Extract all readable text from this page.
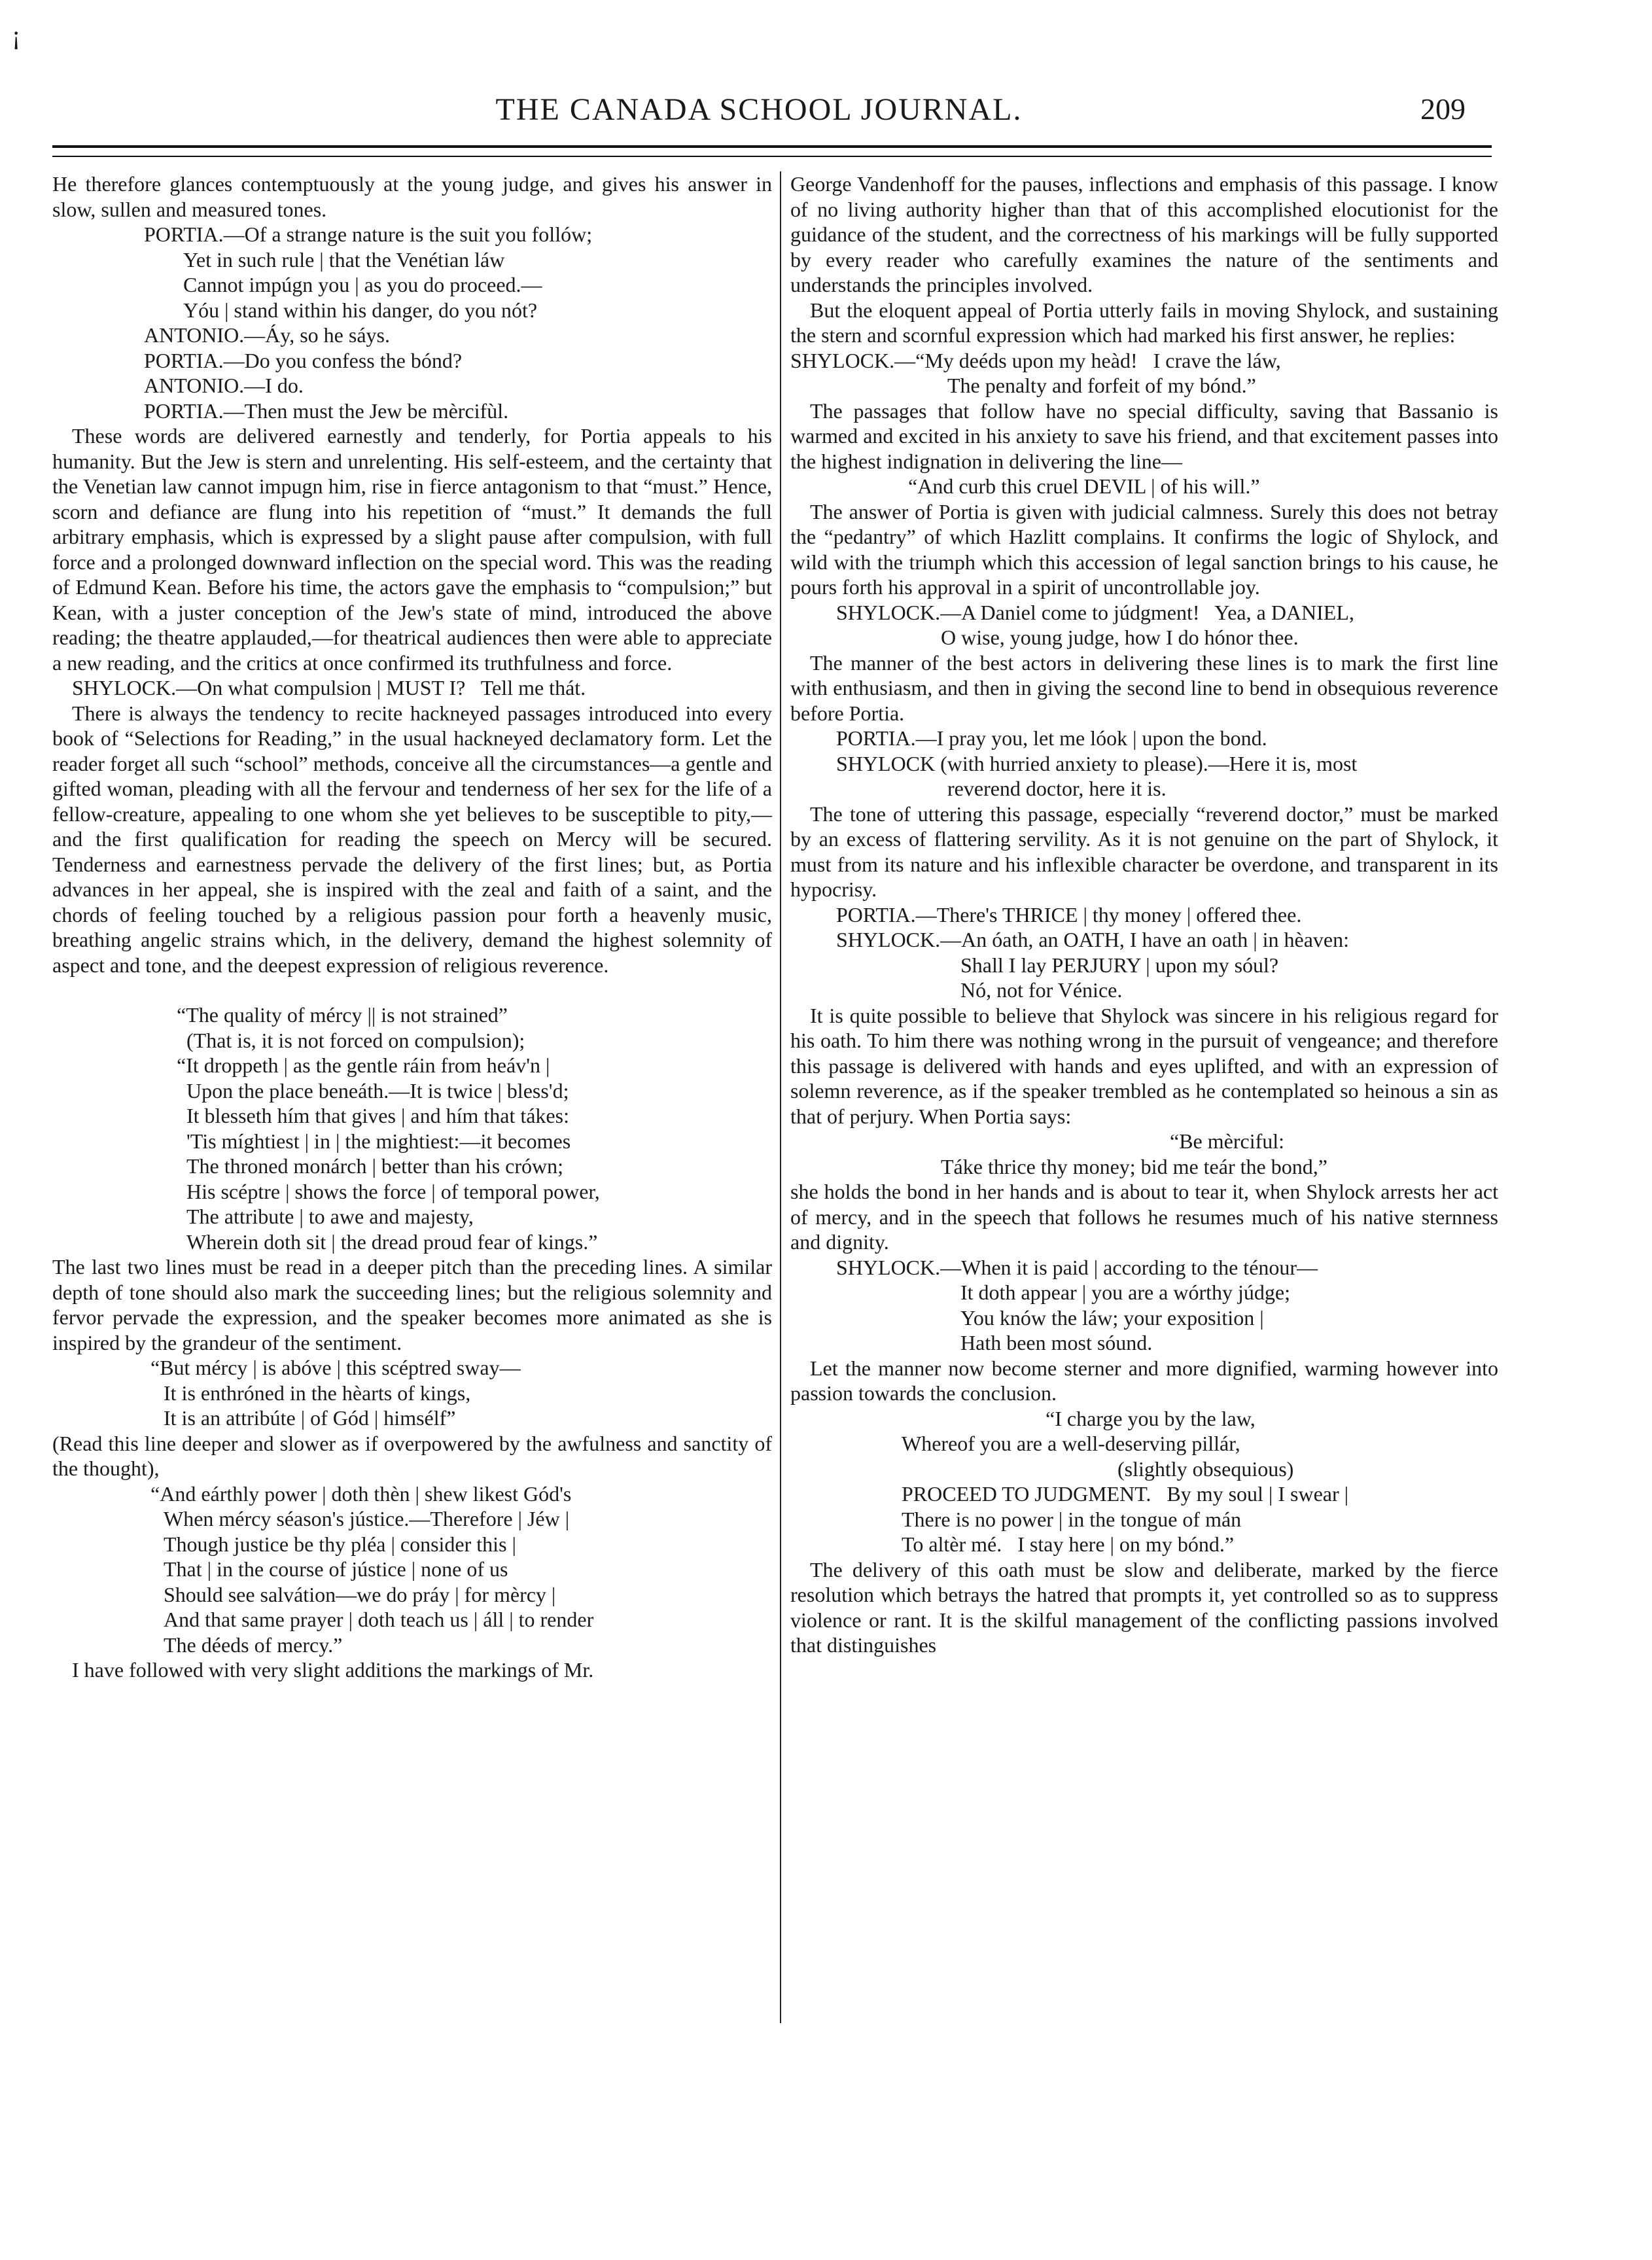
¡
THE CANADA SCHOOL JOURNAL.	209

He therefore glances contemptuously at the young judge, and gives his answer in slow, sullen and measured tones.

PORTIA.—Of a strange nature is the suit you follów;

Yet in such rule | that the Venétian láw

Cannot impúgn you | as you do proceed.—

Yóu | stand within his danger, do you nót?

ANTONIO.—Áy, so he sáys.

PORTIA.—Do you confess the bónd?

ANTONIO.—I do.

PORTIA.—Then must the Jew be mèrcifùl.

These words are delivered earnestly and tenderly, for Portia appeals to his humanity. But the Jew is stern and unrelenting. His self-esteem, and the certainty that the Venetian law cannot impugn him, rise in fierce antagonism to that “must.” Hence, scorn and defiance are flung into his repetition of “must.” It demands the full arbitrary emphasis, which is expressed by a slight pause after compulsion, with full force and a prolonged downward inflection on the special word. This was the reading of Edmund Kean. Before his time, the actors gave the emphasis to “compulsion;” but Kean, with a juster conception of the Jew's state of mind, introduced the above reading; the theatre applauded,—for theatrical audiences then were able to appreciate a new reading, and the critics at once confirmed its truthfulness and force.

SHYLOCK.—On what compulsion | MUST I?   Tell me thát.

There is always the tendency to recite hackneyed passages introduced into every book of “Selections for Reading,” in the usual hackneyed declamatory form. Let the reader forget all such “school” methods, conceive all the circumstances—a gentle and gifted woman, pleading with all the fervour and tenderness of her sex for the life of a fellow-creature, appealing to one whom she yet believes to be susceptible to pity,—and the first qualification for reading the speech on Mercy will be secured. Tenderness and earnestness pervade the delivery of the first lines; but, as Portia advances in her appeal, she is inspired with the zeal and faith of a saint, and the chords of feeling touched by a religious passion pour forth a heavenly music, breathing angelic strains which, in the delivery, demand the highest solemnity of aspect and tone, and the deepest expression of religious reverence.

“The quality of mércy || is not strained”

(That is, it is not forced on compulsion);

“It droppeth | as the gentle ráin from heáv'n |

Upon the place beneáth.—It is twice | bless'd;

It blesseth hím that gives | and hím that tákes:

'Tis míghtiest | in | the mightiest:—it becomes

The throned monárch | better than his crówn;

His scéptre | shows the force | of temporal power,

The attribute | to awe and majesty,

Wherein doth sit | the dread proud fear of kings.”

The last two lines must be read in a deeper pitch than the preceding lines. A similar depth of tone should also mark the succeeding lines; but the religious solemnity and fervor pervade the expression, and the speaker becomes more animated as she is inspired by the grandeur of the sentiment.

“But mércy | is abóve | this scéptred sway—

It is enthróned in the hèarts of kings,

It is an attribúte | of Gód | himsélf”

(Read this line deeper and slower as if overpowered by the awfulness and sanctity of the thought),

“And eárthly power | doth thèn | shew likest Gód's

When mércy séason's jústice.—Therefore | Jéw |

Though justice be thy pléa | consider this |

That | in the course of jústice | none of us

Should see salvátion—we do práy | for mèrcy |

And that same prayer | doth teach us | áll | to render

The déeds of mercy.”

I have followed with very slight additions the markings of Mr.

George Vandenhoff for the pauses, inflections and emphasis of this passage. I know of no living authority higher than that of this accomplished elocutionist for the guidance of the student, and the correctness of his markings will be fully supported by every reader who carefully examines the nature of the sentiments and understands the principles involved.

But the eloquent appeal of Portia utterly fails in moving Shylock, and sustaining the stern and scornful expression which had marked his first answer, he replies:

SHYLOCK.—“My deéds upon my heàd!   I crave the láw,

The penalty and forfeit of my bónd.”

The passages that follow have no special difficulty, saving that Bassanio is warmed and excited in his anxiety to save his friend, and that excitement passes into the highest indignation in delivering the line—

“And curb this cruel DEVIL | of his will.”

The answer of Portia is given with judicial calmness. Surely this does not betray the “pedantry” of which Hazlitt complains. It confirms the logic of Shylock, and wild with the triumph which this accession of legal sanction brings to his cause, he pours forth his approval in a spirit of uncontrollable joy.

SHYLOCK.—A Daniel come to júdgment!   Yea, a DANIEL,

O wise, young judge, how I do hónor thee.

The manner of the best actors in delivering these lines is to mark the first line with enthusiasm, and then in giving the second line to bend in obsequious reverence before Portia.

PORTIA.—I pray you, let me lóok | upon the bond.

SHYLOCK (with hurried anxiety to please).—Here it is, most

reverend doctor, here it is.

The tone of uttering this passage, especially “reverend doctor,” must be marked by an excess of flattering servility. As it is not genuine on the part of Shylock, it must from its nature and his inflexible character be overdone, and transparent in its hypocrisy.

PORTIA.—There's THRICE | thy money | offered thee.

SHYLOCK.—An óath, an OATH, I have an oath | in hèaven:

Shall I lay PERJURY | upon my sóul?

Nó, not for Vénice.

It is quite possible to believe that Shylock was sincere in his religious regard for his oath. To him there was nothing wrong in the pursuit of vengeance; and therefore this passage is delivered with hands and eyes uplifted, and with an expression of solemn reverence, as if the speaker trembled as he contemplated so heinous a sin as that of perjury. When Portia says:

“Be mèrciful:

Táke thrice thy money; bid me teár the bond,”

she holds the bond in her hands and is about to tear it, when Shylock arrests her act of mercy, and in the speech that follows he resumes much of his native sternness and dignity.

SHYLOCK.—When it is paid | according to the ténour—

It doth appear | you are a wórthy júdge;

You knów the láw; your exposition |

Hath been most sóund.

Let the manner now become sterner and more dignified, warming however into passion towards the conclusion.

“I charge you by the law,

Whereof you are a well-deserving pillár,

(slightly obsequious)

PROCEED TO JUDGMENT.   By my soul | I swear |

There is no power | in the tongue of mán

To altèr mé.   I stay here | on my bónd.”

The delivery of this oath must be slow and deliberate, marked by the fierce resolution which betrays the hatred that prompts it, yet controlled so as to suppress violence or rant. It is the skilful management of the conflicting passions involved that distinguishes
